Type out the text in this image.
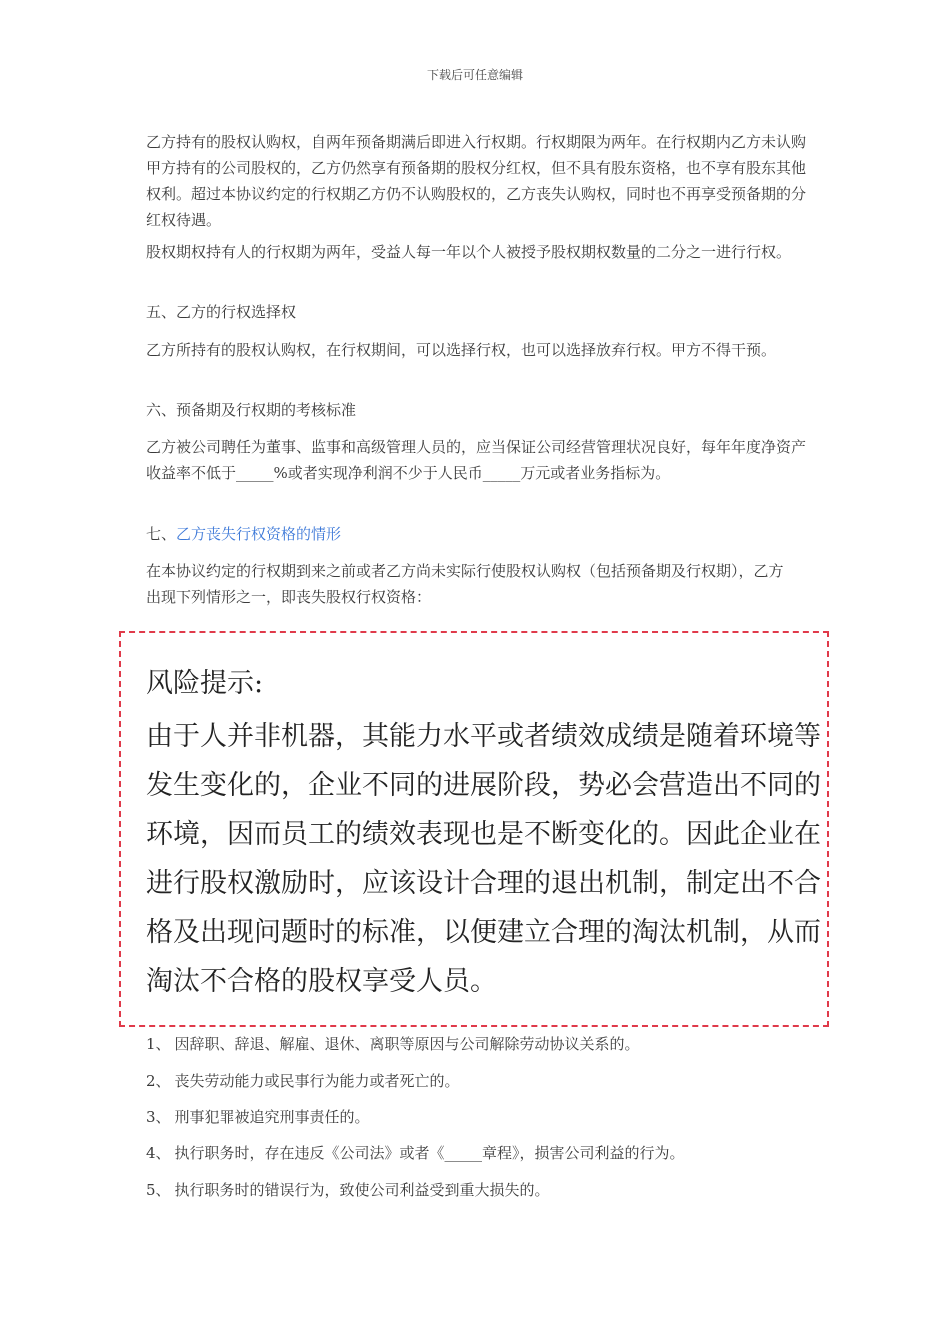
下载后可任意编辑

乙方持有的股权认购权，自两年预备期满后即进入行权期。行权期限为两年。在行权期内乙方未认购甲方持有的公司股权的，乙方仍然享有预备期的股权分红权，但不具有股东资格，也不享有股东其他权利。超过本协议约定的行权期乙方仍不认购股权的，乙方丧失认购权，同时也不再享受预备期的分红权待遇。

股权期权持有人的行权期为两年，受益人每一年以个人被授予股权期权数量的二分之一进行行权。

五、乙方的行权选择权

乙方所持有的股权认购权，在行权期间，可以选择行权，也可以选择放弃行权。甲方不得干预。

六、预备期及行权期的考核标准

乙方被公司聘任为董事、监事和高级管理人员的，应当保证公司经营管理状况良好，每年年度净资产收益率不低于_____%或者实现净利润不少于人民币_____万元或者业务指标为。

七、乙方丧失行权资格的情形

在本协议约定的行权期到来之前或者乙方尚未实际行使股权认购权（包括预备期及行权期），乙方出现下列情形之一，即丧失股权行权资格：

风险提示:

由于人并非机器，其能力水平或者绩效成绩是随着环境等发生变化的，企业不同的进展阶段，势必会营造出不同的环境，因而员工的绩效表现也是不断变化的。因此企业在进行股权激励时，应该设计合理的退出机制，制定出不合格及出现问题时的标准，以便建立合理的淘汰机制，从而淘汰不合格的股权享受人员。

1、 因辞职、辞退、解雇、退休、离职等原因与公司解除劳动协议关系的。
2、 丧失劳动能力或民事行为能力或者死亡的。
3、 刑事犯罪被追究刑事责任的。
4、 执行职务时，存在违反《公司法》或者《_____章程》，损害公司利益的行为。
5、 执行职务时的错误行为，致使公司利益受到重大损失的。
